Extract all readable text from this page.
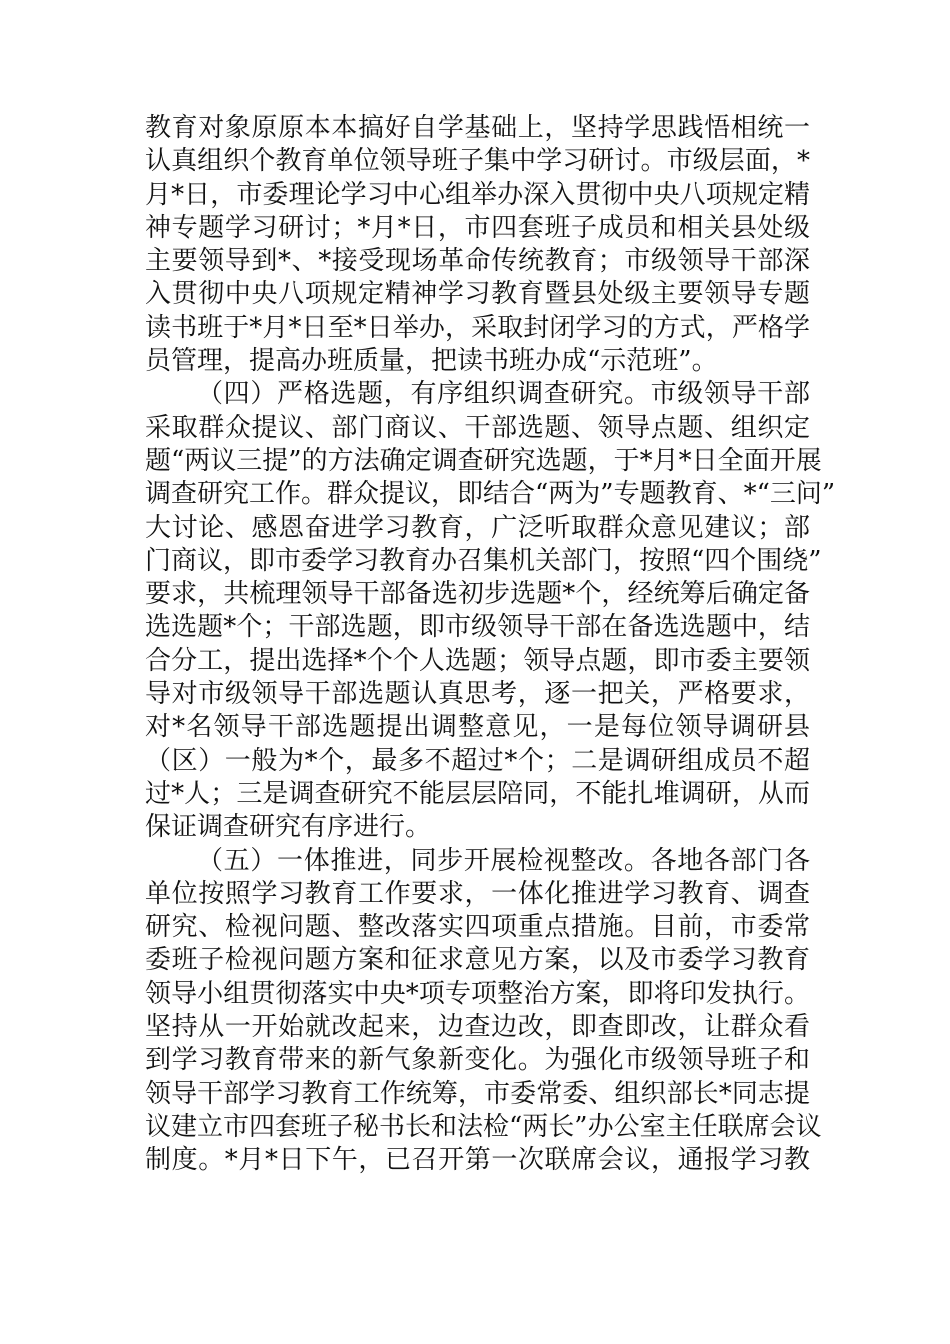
教育对象原原本本搞好自学基础上，坚持学思践悟相统一
认真组织个教育单位领导班子集中学习研讨。市级层面，*
月*日，市委理论学习中心组举办深入贯彻中央八项规定精
神专题学习研讨；*月*日，市四套班子成员和相关县处级
主要领导到*、*接受现场革命传统教育；市级领导干部深
入贯彻中央八项规定精神学习教育暨县处级主要领导专题
读书班于*月*日至*日举办，采取封闭学习的方式，严格学
员管理，提高办班质量，把读书班办成“示范班”。
（四）严格选题，有序组织调查研究。市级领导干部
采取群众提议、部门商议、干部选题、领导点题、组织定
题“两议三提”的方法确定调查研究选题，于*月*日全面开展
调查研究工作。群众提议，即结合“两为”专题教育、*“三问”
大讨论、感恩奋进学习教育，广泛听取群众意见建议；部
门商议，即市委学习教育办召集机关部门，按照“四个围绕”
要求，共梳理领导干部备选初步选题*个，经统筹后确定备
选选题*个；干部选题，即市级领导干部在备选选题中，结
合分工，提出选择*个个人选题；领导点题，即市委主要领
导对市级领导干部选题认真思考，逐一把关，严格要求，
对*名领导干部选题提出调整意见，一是每位领导调研县
（区）一般为*个，最多不超过*个；二是调研组成员不超
过*人；三是调查研究不能层层陪同，不能扎堆调研，从而
保证调查研究有序进行。
（五）一体推进，同步开展检视整改。各地各部门各
单位按照学习教育工作要求，一体化推进学习教育、调查
研究、检视问题、整改落实四项重点措施。目前，市委常
委班子检视问题方案和征求意见方案，以及市委学习教育
领导小组贯彻落实中央*项专项整治方案，即将印发执行。
坚持从一开始就改起来，边查边改，即查即改，让群众看
到学习教育带来的新气象新变化。为强化市级领导班子和
领导干部学习教育工作统筹，市委常委、组织部长*同志提
议建立市四套班子秘书长和法检“两长”办公室主任联席会议
制度。*月*日下午，已召开第一次联席会议，通报学习教
